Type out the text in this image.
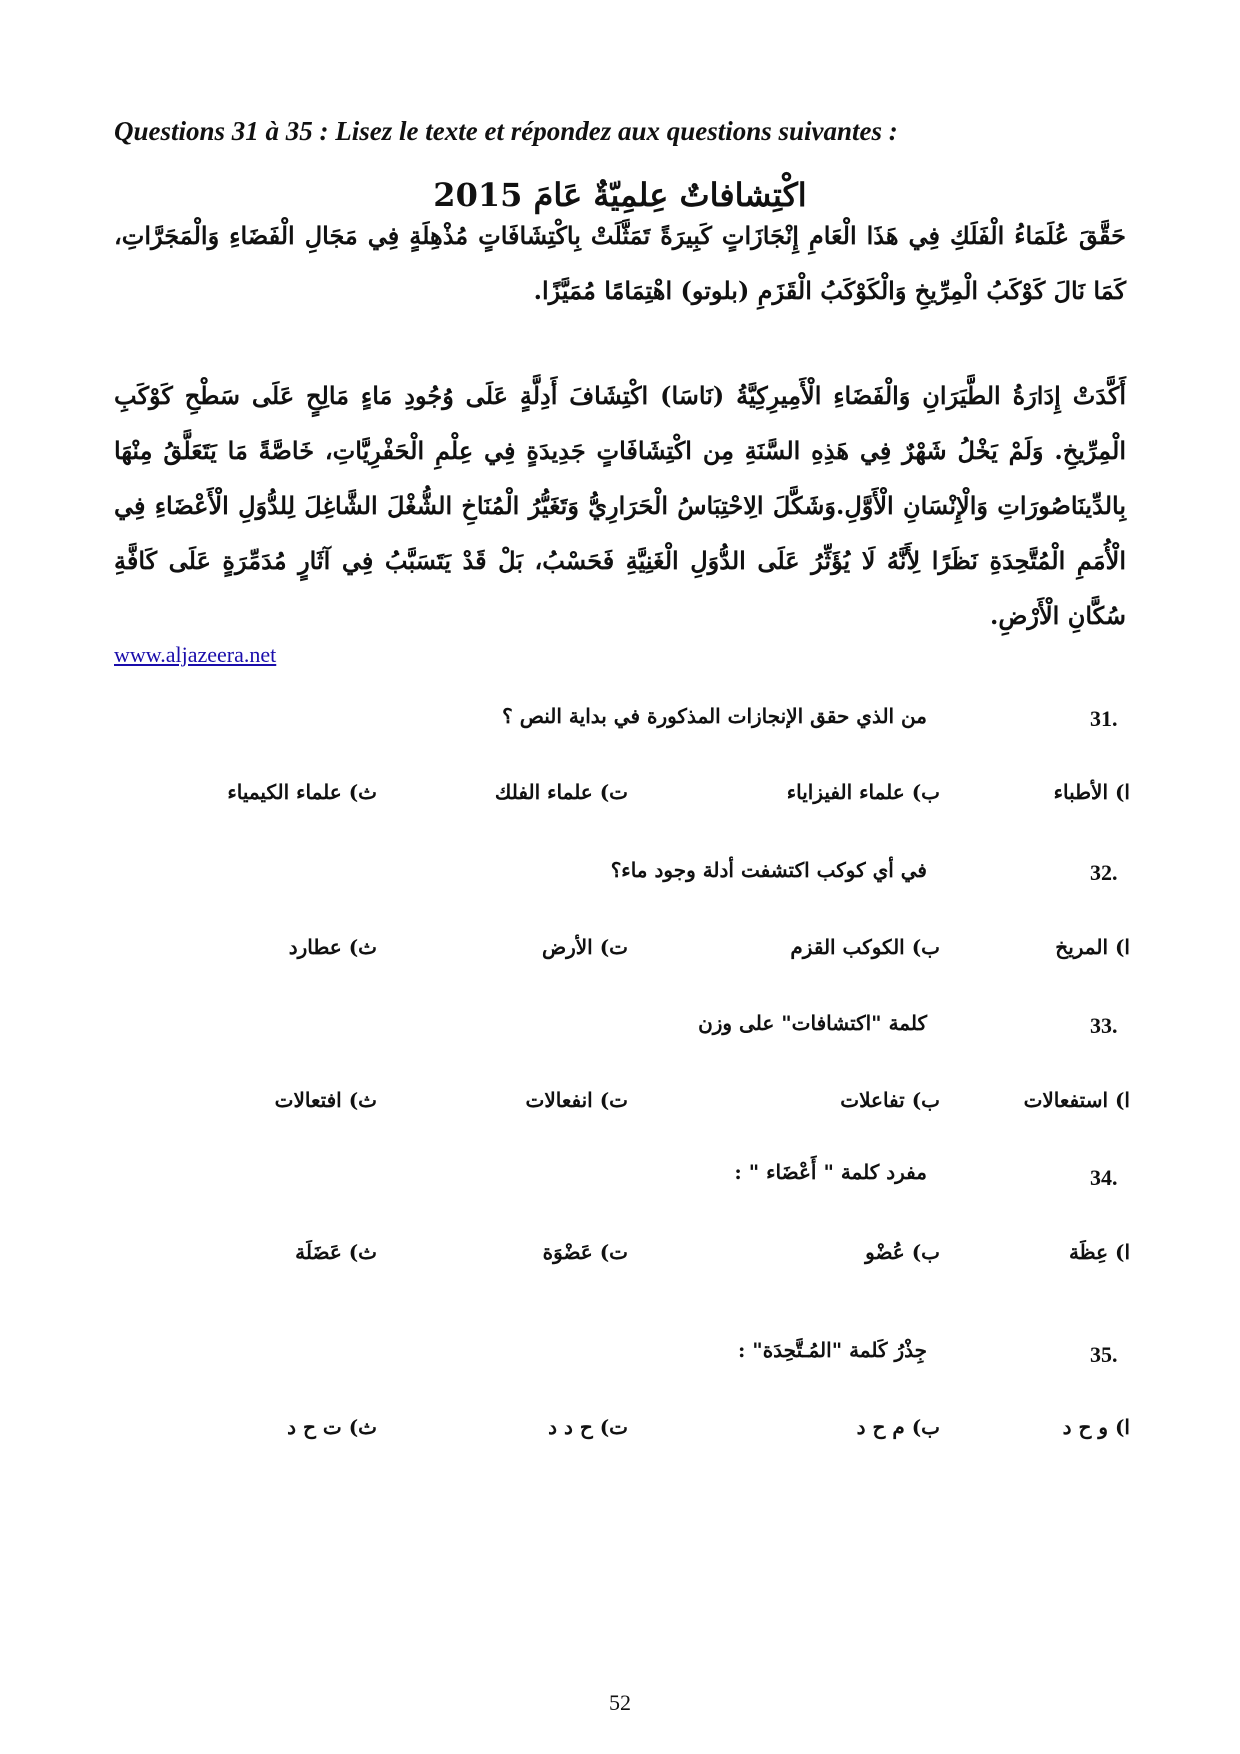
Questions 31 à 35 : Lisez le texte et répondez aux questions suivantes :
اكْتِشافاتٌ عِلمِيّةٌ عَامَ 2015
حَقَّقَ عُلَمَاءُ الْفَلَكِ فِي هَذَا الْعَامِ إِنْجَازَاتٍ كَبِيرَةً تَمَثَّلَتْ بِاكْتِشَافَاتٍ مُذْهِلَةٍ فِي مَجَالِ الْفَضَاءِ وَالْمَجَرَّاتِ، كَمَا نَالَ كَوْكَبُ الْمِرِّيخِ وَالْكَوْكَبُ الْقَزَمِ (بلوتو) اهْتِمَامًا مُمَيَّزًا.
أَكَّدَتْ إِدَارَةُ الطَّيَرَانِ وَالْفَضَاءِ الْأَمِيرِكِيَّةُ (نَاسَا) اكْتِشَافَ أَدِلَّةٍ عَلَى وُجُودِ مَاءٍ مَالِحٍ عَلَى سَطْحِ كَوْكَبِ الْمِرِّيخِ. وَلَمْ يَخْلُ شَهْرٌ فِي هَذِهِ السَّنَةِ مِن اكْتِشَافَاتٍ جَدِيدَةٍ فِي عِلْمِ الْحَفْرِيَّاتِ، خَاصَّةً مَا يَتَعَلَّقُ مِنْهَا بِالدِّينَاصُورَاتِ وَالْإِنْسَانِ الْأَوَّلِ.وَشَكَّلَ الِاحْتِبَاسُ الْحَرَارِيُّ وَتَغَيُّرُ الْمُنَاخِ الشُّغْلَ الشَّاغِلَ لِلدُّوَلِ الْأَعْضَاءِ فِي الْأُمَمِ الْمُتَّحِدَةِ نَظَرًا لِأَنَّهُ لَا يُؤَثِّرُ عَلَى الدُّوَلِ الْغَنِيَّةِ فَحَسْبُ، بَلْ قَدْ يَتَسَبَّبُ فِي آثَارٍ مُدَمِّرَةٍ عَلَى كَافَّةِ سُكَّانِ الْأَرْضِ.
www.aljazeera.net
31.
من الذي حقق الإنجازات المذكورة في بداية النص ؟
ا) الأطباء
ب) علماء الفيزاياء
ت) علماء الفلك
ث) علماء الكيمياء
32.
في أي كوكب اكتشفت أدلة وجود ماء؟
ا) المريخ
ب) الكوكب القزم
ت) الأرض
ث) عطارد
33.
كلمة "اكتشافات" على وزن
ا) استفعالات
ب) تفاعلات
ت) انفعالات
ث) افتعالات
34.
مفرد كلمة " أَعْضَاء " :
ا) عِظَة
ب) عُضْو
ت) عَضْوَة
ث) عَضَلَة
35.
جِذْرُ كَلمة "المُـتَّحِدَة" :
ا) و ح د
ب) م ح د
ت) ح د د
ث) ت ح د
52
